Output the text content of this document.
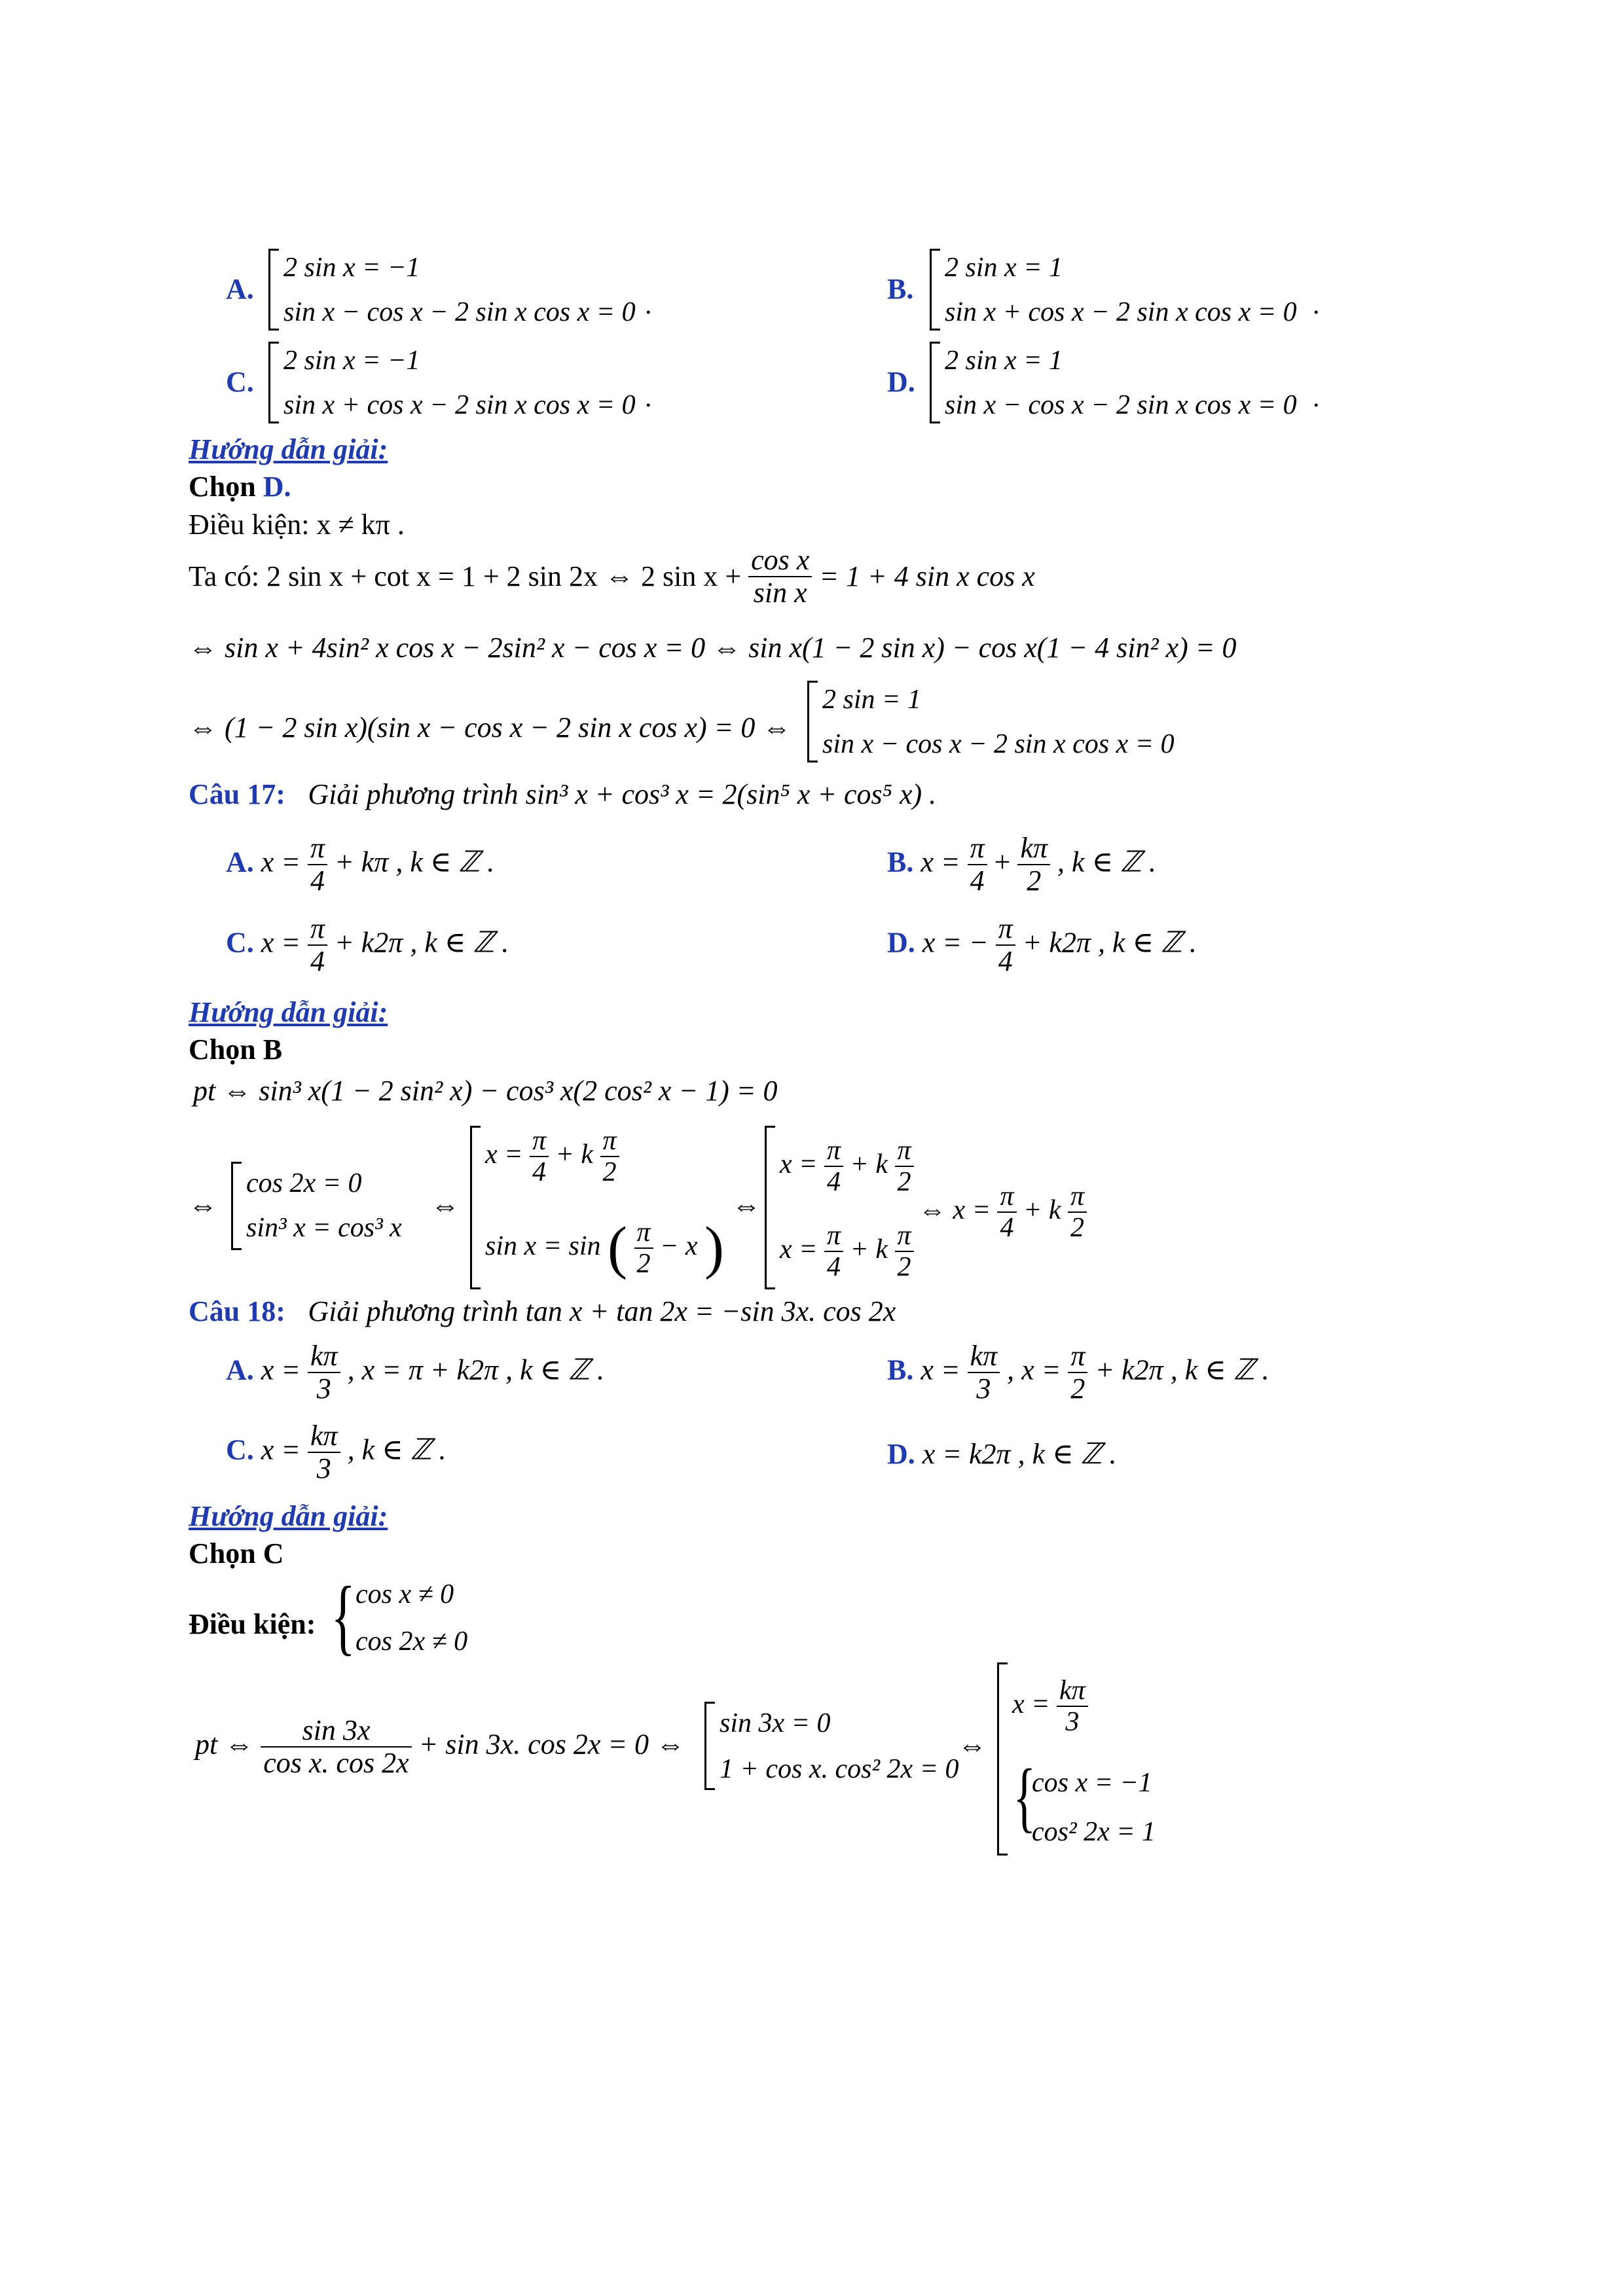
A.
2 sin x = −1
sin x − cos x − 2 sin x cos x = 0 .	B.
2 sin x = 1
sin x + cos x − 2 sin x cos x = 0 .
C.
2 sin x = −1
sin x + cos x − 2 sin x cos x = 0 .	D.
2 sin x = 1
sin x − cos x − 2 sin x cos x = 0 .
Hướng dẫn giải:
Chọn D.
Điều kiện: x ≠ kπ .
Ta có: 2 sin x + cot x = 1 + 2 sin 2x ⇔ 2 $\sin x + \frac{\text{cos x}}{\text{sin x}} = 1 + 4$ sin x cos x
⇔ sin x + 4sin² x cos x − 2sin² x − cos x = 0 ⇔ sin x(1 − 2 sin x) − cos x(1 − 4 sin² x) = 0
⇔ (1 − 2 sin x)(sin x − cos x − 2 sin x cos x) = 0 ⇔
2 sin = 1
sin x − cos x − 2 sin x cos x = 0
Câu 17: Giải phương trình sin³ x + cos³ x = 2(sin⁵ x + cos⁵ x) .
A. $x = \frac{\pi}{4} + k\pi$ , k ∈ ℤ .	B. $x = \frac{\pi}{4} + \frac{k\pi}{2}$ , k ∈ ℤ .
C. $x = \frac{\pi}{4} + k2\pi$ , k ∈ ℤ .	D. x = − $\frac{\pi}{4} + k2\pi$ , k ∈ ℤ .
Hướng dẫn giải:
Chọn B
pt ⇔ sin³ x(1 − 2 sin² x) − cos³ x(2 cos² x − 1) = 0
⇔
cos 2x = 0
sin³ x = cos³ x
⇔
$x = \frac{\pi}{4} + k \frac{\pi}{2}$
sin x = sin ( $\frac{\pi}{2} - x$ )
⇔
$x = \frac{\pi}{4} + k \frac{\pi}{2}$
$x = \frac{\pi}{4} + k \frac{\pi}{2}$
⇔ $x = \frac{\pi}{4} + k \frac{\pi}{2}$
Câu 18: Giải phương trình tan x + tan 2x = −sin 3x. cos 2x
A. $x = \frac{k\pi}{3}$ , x = π + k2π , k ∈ ℤ .	B. $x = \frac{k\pi}{3}$ , $x = \frac{\pi}{2} + k2\pi$ , k ∈ ℤ .
C. $x = \frac{k\pi}{3}$ , k ∈ ℤ .	D. x = k2π , k ∈ ℤ .
Hướng dẫn giải:
Chọn C
Điều kiện: { cos x ≠ 0
cos 2x ≠ 0
pt ⇔ $\frac{\sin 3x}{\text{cos x. cos 2x}} + \sin 3x$. cos 2x = 0 ⇔
sin 3x = 0
1 + cos x. cos² 2x = 0
⇔
$x = \frac{k\pi}{3}$
{
cos x = −1
cos² 2x = 1
